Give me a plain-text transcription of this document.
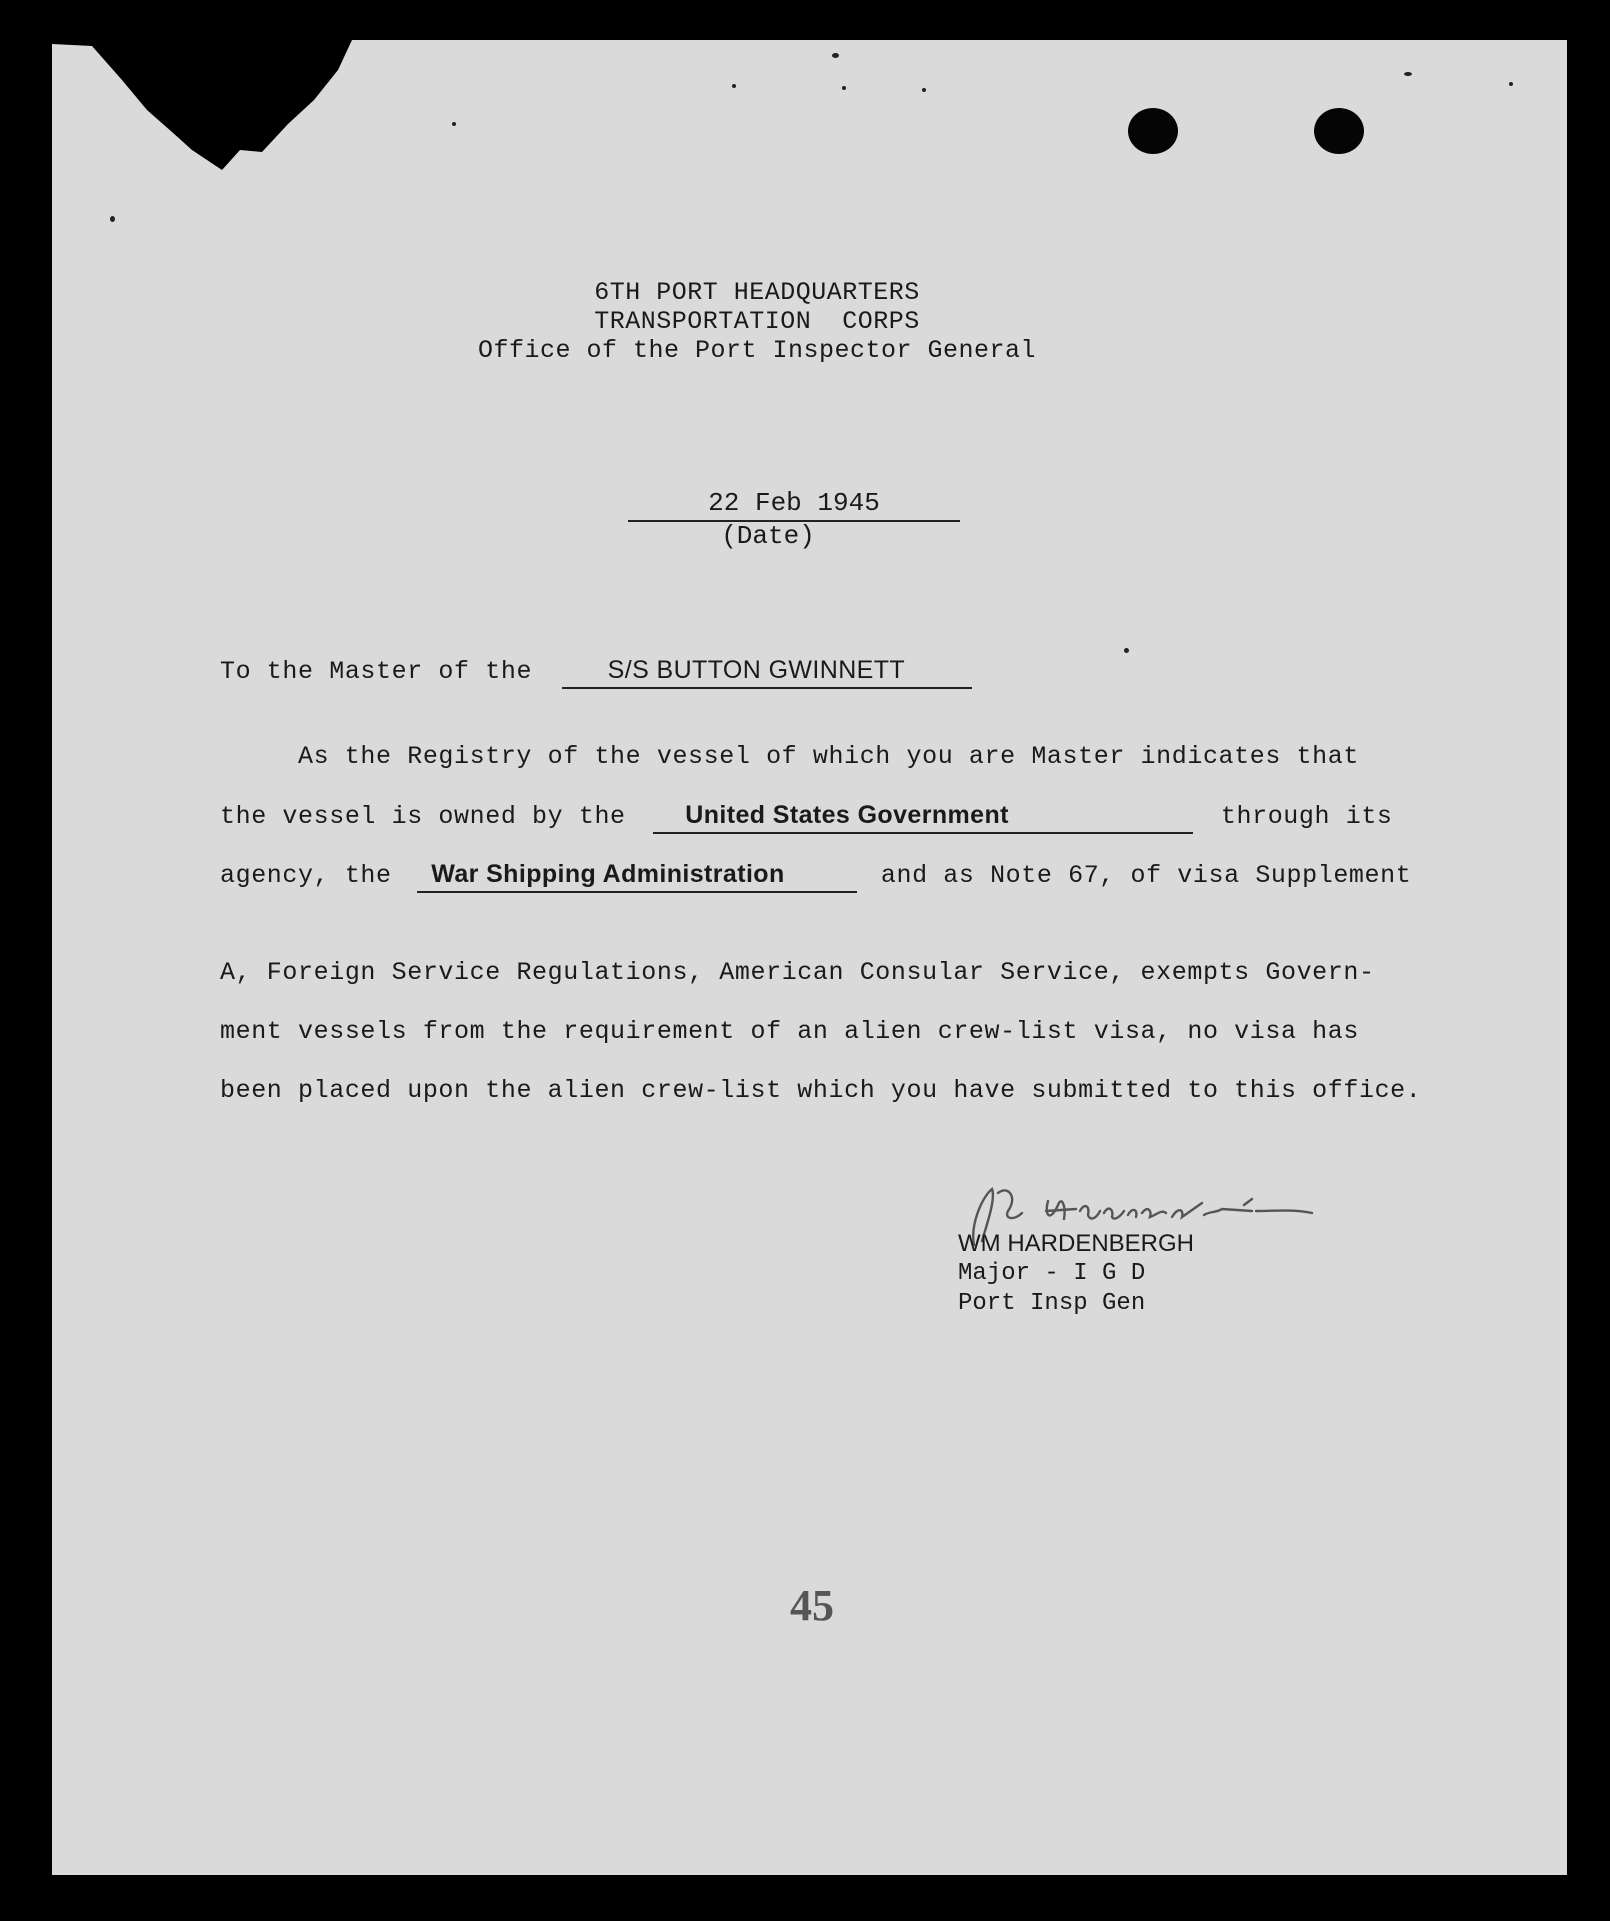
6TH PORT HEADQUARTERS
TRANSPORTATION  CORPS
Office of the Port Inspector General
22 Feb 1945
(Date)
To the Master of the	S/S BUTTON GWINNETT
As the Registry of the vessel of which you are Master indicates that
the vessel is owned by the United States Government	through its
agency, the War Shipping Administration	and as Note 67, of visa Supplement
A, Foreign Service Regulations, American Consular Service, exempts Govern-
ment vessels from the requirement of an alien crew-list visa, no visa has
been placed upon the alien crew-list which you have submitted to this office.
WM HARDENBERGH
Major - I G D
Port Insp Gen
45
